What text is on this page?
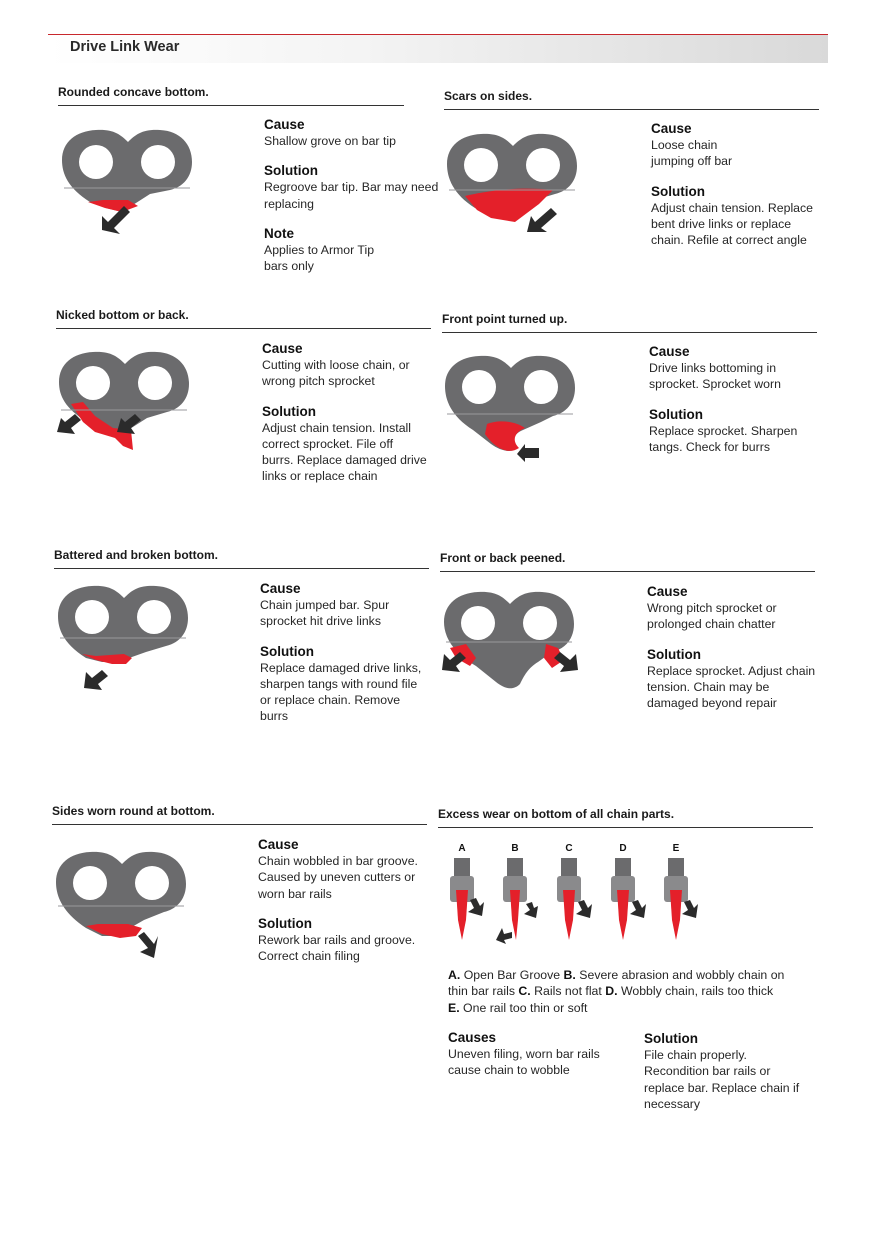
Drive Link Wear
Rounded concave bottom.
Cause
Shallow grove on bar tip
Solution
Regroove bar tip. Bar may need replacing
Note
Applies to Armor Tip bars only
Scars on sides.
Cause
Loose chain jumping off bar
Solution
Adjust chain tension. Replace bent drive links or replace chain. Refile at correct angle
Nicked bottom or back.
Cause
Cutting with loose chain, or wrong pitch sprocket
Solution
Adjust chain tension. Install correct sprocket. File off burrs. Replace damaged drive links or replace chain
Front point turned up.
Cause
Drive links bottoming in sprocket. Sprocket worn
Solution
Replace sprocket. Sharpen tangs. Check for burrs
Battered and broken bottom.
Cause
Chain jumped bar. Spur sprocket hit drive links
Solution
Replace damaged drive links, sharpen tangs with round file or replace chain. Remove burrs
Front or back peened.
Cause
Wrong pitch sprocket or prolonged chain chatter
Solution
Replace sprocket. Adjust chain tension. Chain may be damaged beyond repair
Sides worn round at bottom.
Cause
Chain wobbled in bar groove. Caused by uneven cutters or worn bar rails
Solution
Rework bar rails and groove. Correct chain filing
Excess wear on bottom of all chain parts.
A	B	C	D	E
A. Open Bar Groove B. Severe abrasion and wobbly chain on thin bar rails C. Rails not flat D. Wobbly chain, rails too thick
E. One rail too thin or soft
Causes
Uneven filing, worn bar rails cause chain to wobble
Solution
File chain properly. Recondition bar rails or replace bar. Replace chain if necessary
